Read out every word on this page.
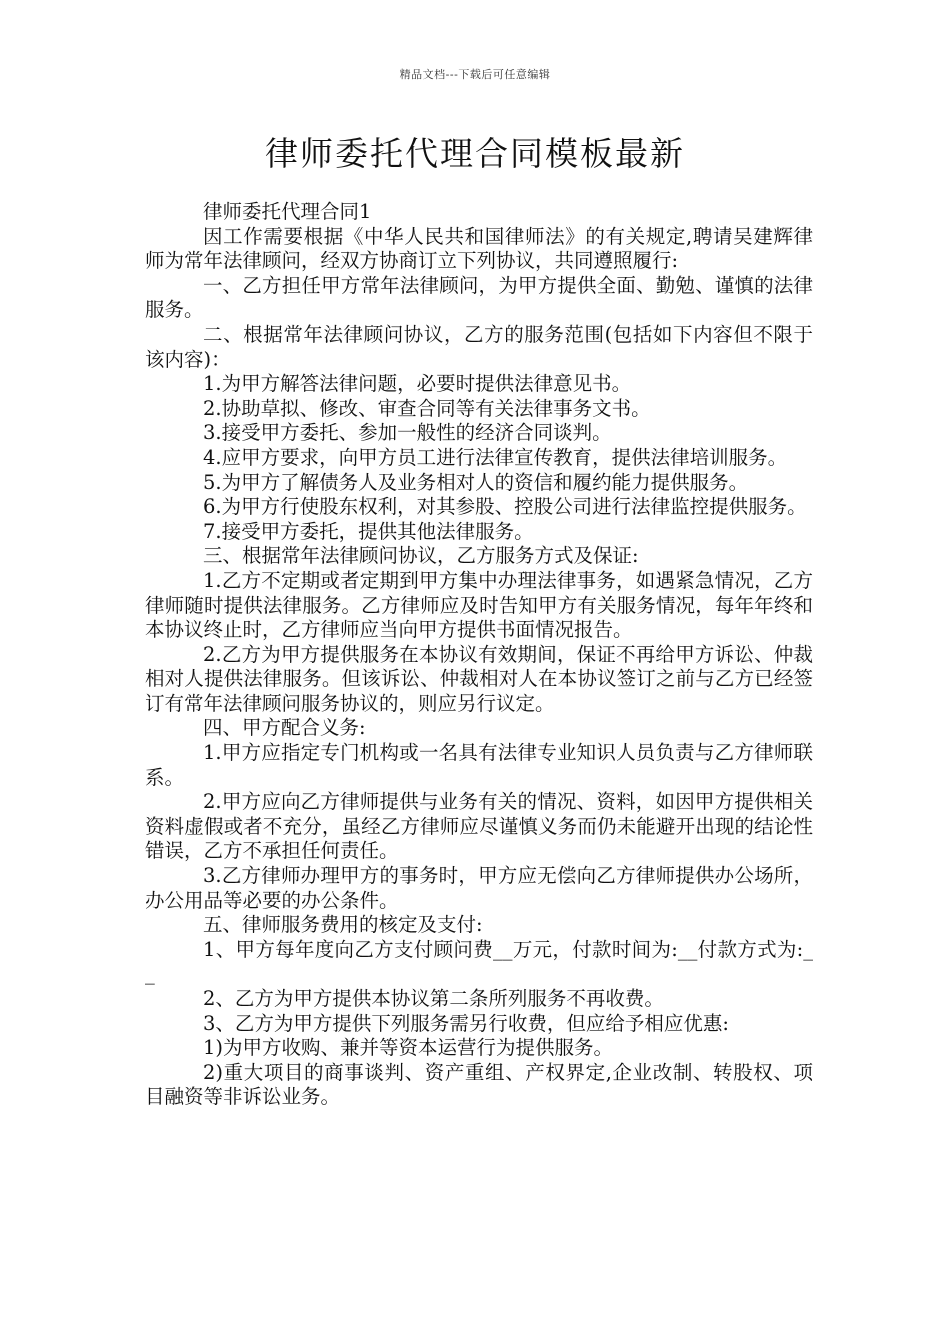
精品文档---下载后可任意编辑
律师委托代理合同模板最新

律师委托代理合同1

因工作需要根据《中华人民共和国律师法》的有关规定,聘请吴建辉律师为常年法律顾问，经双方协商订立下列协议，共同遵照履行:

一、乙方担任甲方常年法律顾问，为甲方提供全面、勤勉、谨慎的法律服务。

二、根据常年法律顾问协议，乙方的服务范围(包括如下内容但不限于该内容)：

1.为甲方解答法律问题，必要时提供法律意见书。

2.协助草拟、修改、审查合同等有关法律事务文书。

3.接受甲方委托、参加一般性的经济合同谈判。

4.应甲方要求，向甲方员工进行法律宣传教育，提供法律培训服务。

5.为甲方了解债务人及业务相对人的资信和履约能力提供服务。

6.为甲方行使股东权利，对其参股、控股公司进行法律监控提供服务。

7.接受甲方委托，提供其他法律服务。

三、根据常年法律顾问协议，乙方服务方式及保证:

1.乙方不定期或者定期到甲方集中办理法律事务，如遇紧急情况，乙方律师随时提供法律服务。乙方律师应及时告知甲方有关服务情况，每年年终和本协议终止时，乙方律师应当向甲方提供书面情况报告。

2.乙方为甲方提供服务在本协议有效期间，保证不再给甲方诉讼、仲裁相对人提供法律服务。但该诉讼、仲裁相对人在本协议签订之前与乙方已经签订有常年法律顾问服务协议的，则应另行议定。

四、甲方配合义务:

1.甲方应指定专门机构或一名具有法律专业知识人员负责与乙方律师联系。

2.甲方应向乙方律师提供与业务有关的情况、资料，如因甲方提供相关资料虚假或者不充分，虽经乙方律师应尽谨慎义务而仍未能避开出现的结论性错误，乙方不承担任何责任。

3.乙方律师办理甲方的事务时，甲方应无偿向乙方律师提供办公场所，办公用品等必要的办公条件。

五、律师服务费用的核定及支付:

1、甲方每年度向乙方支付顾问费__万元，付款时间为:__付款方式为:__

2、乙方为甲方提供本协议第二条所列服务不再收费。

3、乙方为甲方提供下列服务需另行收费，但应给予相应优惠:

1)为甲方收购、兼并等资本运营行为提供服务。

2)重大项目的商事谈判、资产重组、产权界定,企业改制、转股权、项目融资等非诉讼业务。
